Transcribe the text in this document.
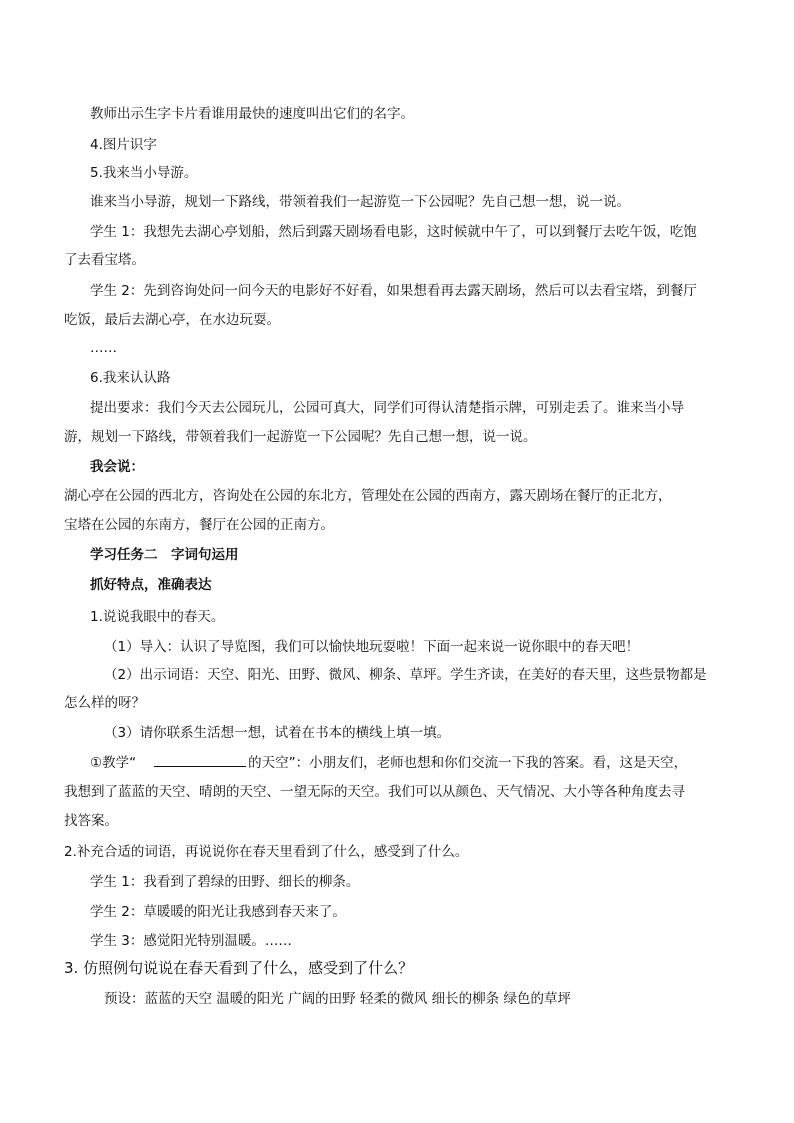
教师出示生字卡片看谁用最快的速度叫出它们的名字。
4.图片识字
5.我来当小导游。
谁来当小导游，规划一下路线，带领着我们一起游览一下公园呢？先自己想一想，说一说。
学生 1：我想先去湖心亭划船，然后到露天剧场看电影，这时候就中午了，可以到餐厅去吃午饭，吃饱
了去看宝塔。
学生 2：先到咨询处问一问今天的电影好不好看，如果想看再去露天剧场，然后可以去看宝塔，到餐厅
吃饭，最后去湖心亭，在水边玩耍。
……
6.我来认认路
提出要求：我们今天去公园玩儿，公园可真大，同学们可得认清楚指示牌，可别走丢了。谁来当小导
游，规划一下路线，带领着我们一起游览一下公园呢？先自己想一想，说一说。
我会说：
湖心亭在公园的西北方，咨询处在公园的东北方，管理处在公园的西南方，露天剧场在餐厅的正北方，
宝塔在公园的东南方，餐厅在公园的正南方。
学习任务二　字词句运用
抓好特点，准确表达
1.说说我眼中的春天。
（1）导入：认识了导览图，我们可以愉快地玩耍啦！下面一起来说一说你眼中的春天吧！
（2）出示词语：天空、阳光、田野、微风、柳条、草坪。学生齐读，在美好的春天里，这些景物都是
怎么样的呀？
（3）请你联系生活想一想，试着在书本的横线上填一填。
①教学“	的天空”：小朋友们，老师也想和你们交流一下我的答案。看，这是天空，
我想到了蓝蓝的天空、晴朗的天空、一望无际的天空。我们可以从颜色、天气情况、大小等各种角度去寻
找答案。
2.补充合适的词语，再说说你在春天里看到了什么，感受到了什么。
学生 1：我看到了碧绿的田野、细长的柳条。
学生 2：草暖暖的阳光让我感到春天来了。
学生 3：感觉阳光特别温暖。……
3. 仿照例句说说在春天看到了什么，感受到了什么？
预设：蓝蓝的天空 温暖的阳光 广阔的田野 轻柔的微风 细长的柳条 绿色的草坪
